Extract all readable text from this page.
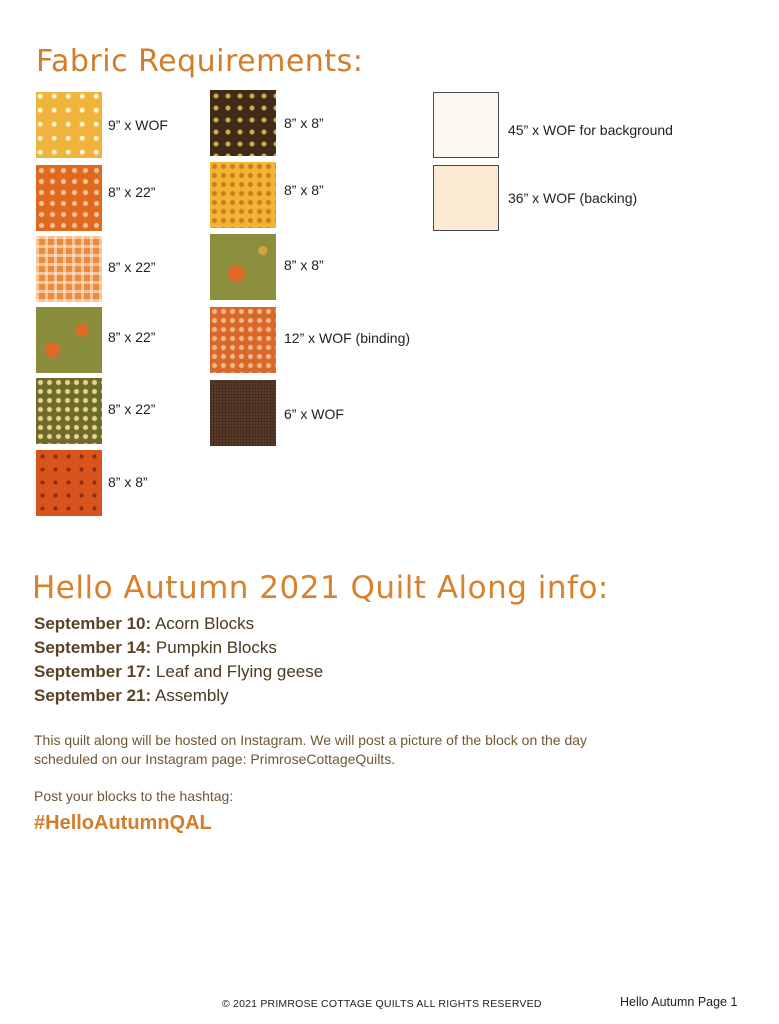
Fabric Requirements:
9” x WOF
8” x 22”
8” x 22”
8” x 22”
8” x 22”
8” x 8”
8” x 8”
8” x 8”
8” x 8”
12” x WOF (binding)
6” x WOF
45” x WOF for background
36” x WOF (backing)
Hello Autumn 2021 Quilt Along info:
September 10: Acorn Blocks
September 14: Pumpkin Blocks
September 17: Leaf and Flying geese
September 21: Assembly
This quilt along will be hosted on Instagram. We will post a picture of the block on the day
scheduled on our Instagram page: PrimroseCottageQuilts.
Post your blocks to the hashtag:
#HelloAutumnQAL
© 2021 PRIMROSE COTTAGE QUILTS ALL RIGHTS RESERVED	Hello Autumn Page 1
